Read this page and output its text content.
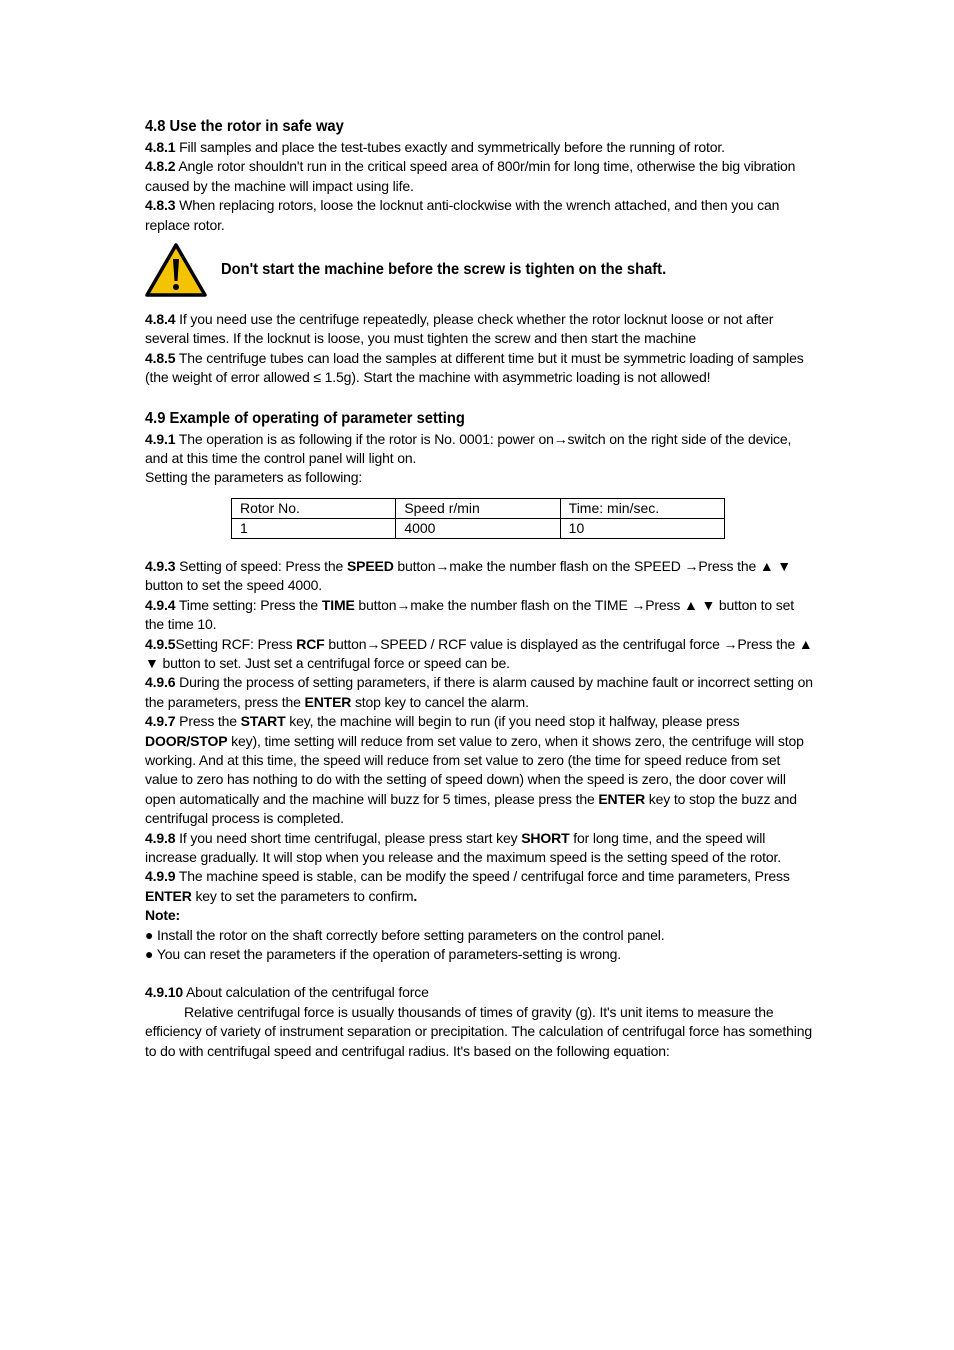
4.8 Use the rotor in safe way

4.8.1 Fill samples and place the test-tubes exactly and symmetrically before the running of rotor.

4.8.2 Angle rotor shouldn't run in the critical speed area of 800r/min for long time, otherwise the big vibration caused by the machine will impact using life.

4.8.3 When replacing rotors, loose the locknut anti-clockwise with the wrench attached, and then you can replace rotor.

Don't start the machine before the screw is tighten on the shaft.

4.8.4 If you need use the centrifuge repeatedly, please check whether the rotor locknut loose or not after several times. If the locknut is loose, you must tighten the screw and then start the machine

4.8.5 The centrifuge tubes can load the samples at different time but it must be symmetric loading of samples (the weight of error allowed ≤ 1.5g). Start the machine with asymmetric loading is not allowed!

4.9 Example of operating of parameter setting

4.9.1 The operation is as following if the rotor is No. 0001: power on→switch on the right side of the device, and at this time the control panel will light on.

Setting the parameters as following:

Rotor No.	Speed r/min	Time: min/sec.
1	4000	10

4.9.3 Setting of speed: Press the SPEED button→make the number flash on the SPEED →Press the ▲ ▼ button to set the speed 4000.

4.9.4 Time setting: Press the TIME button→make the number flash on the TIME →Press ▲ ▼ button to set the time 10.

4.9.5Setting RCF: Press RCF button→SPEED / RCF value is displayed as the centrifugal force →Press the ▲ ▼ button to set. Just set a centrifugal force or speed can be.

4.9.6 During the process of setting parameters, if there is alarm caused by machine fault or incorrect setting on the parameters, press the ENTER stop key to cancel the alarm.

4.9.7 Press the START key, the machine will begin to run (if you need stop it halfway, please press DOOR/STOP key), time setting will reduce from set value to zero, when it shows zero, the centrifuge will stop working. And at this time, the speed will reduce from set value to zero (the time for speed reduce from set value to zero has nothing to do with the setting of speed down) when the speed is zero, the door cover will open automatically and the machine will buzz for 5 times, please press the ENTER key to stop the buzz and centrifugal process is completed.

4.9.8 If you need short time centrifugal, please press start key SHORT for long time, and the speed will increase gradually. It will stop when you release and the maximum speed is the setting speed of the rotor.

4.9.9 The machine speed is stable, can be modify the speed / centrifugal force and time parameters, Press ENTER key to set the parameters to confirm.

Note:

● Install the rotor on the shaft correctly before setting parameters on the control panel.

● You can reset the parameters if the operation of parameters-setting is wrong.

4.9.10 About calculation of the centrifugal force

Relative centrifugal force is usually thousands of times of gravity (g). It's unit items to measure the efficiency of variety of instrument separation or precipitation. The calculation of centrifugal force has something to do with centrifugal speed and centrifugal radius. It's based on the following equation:
